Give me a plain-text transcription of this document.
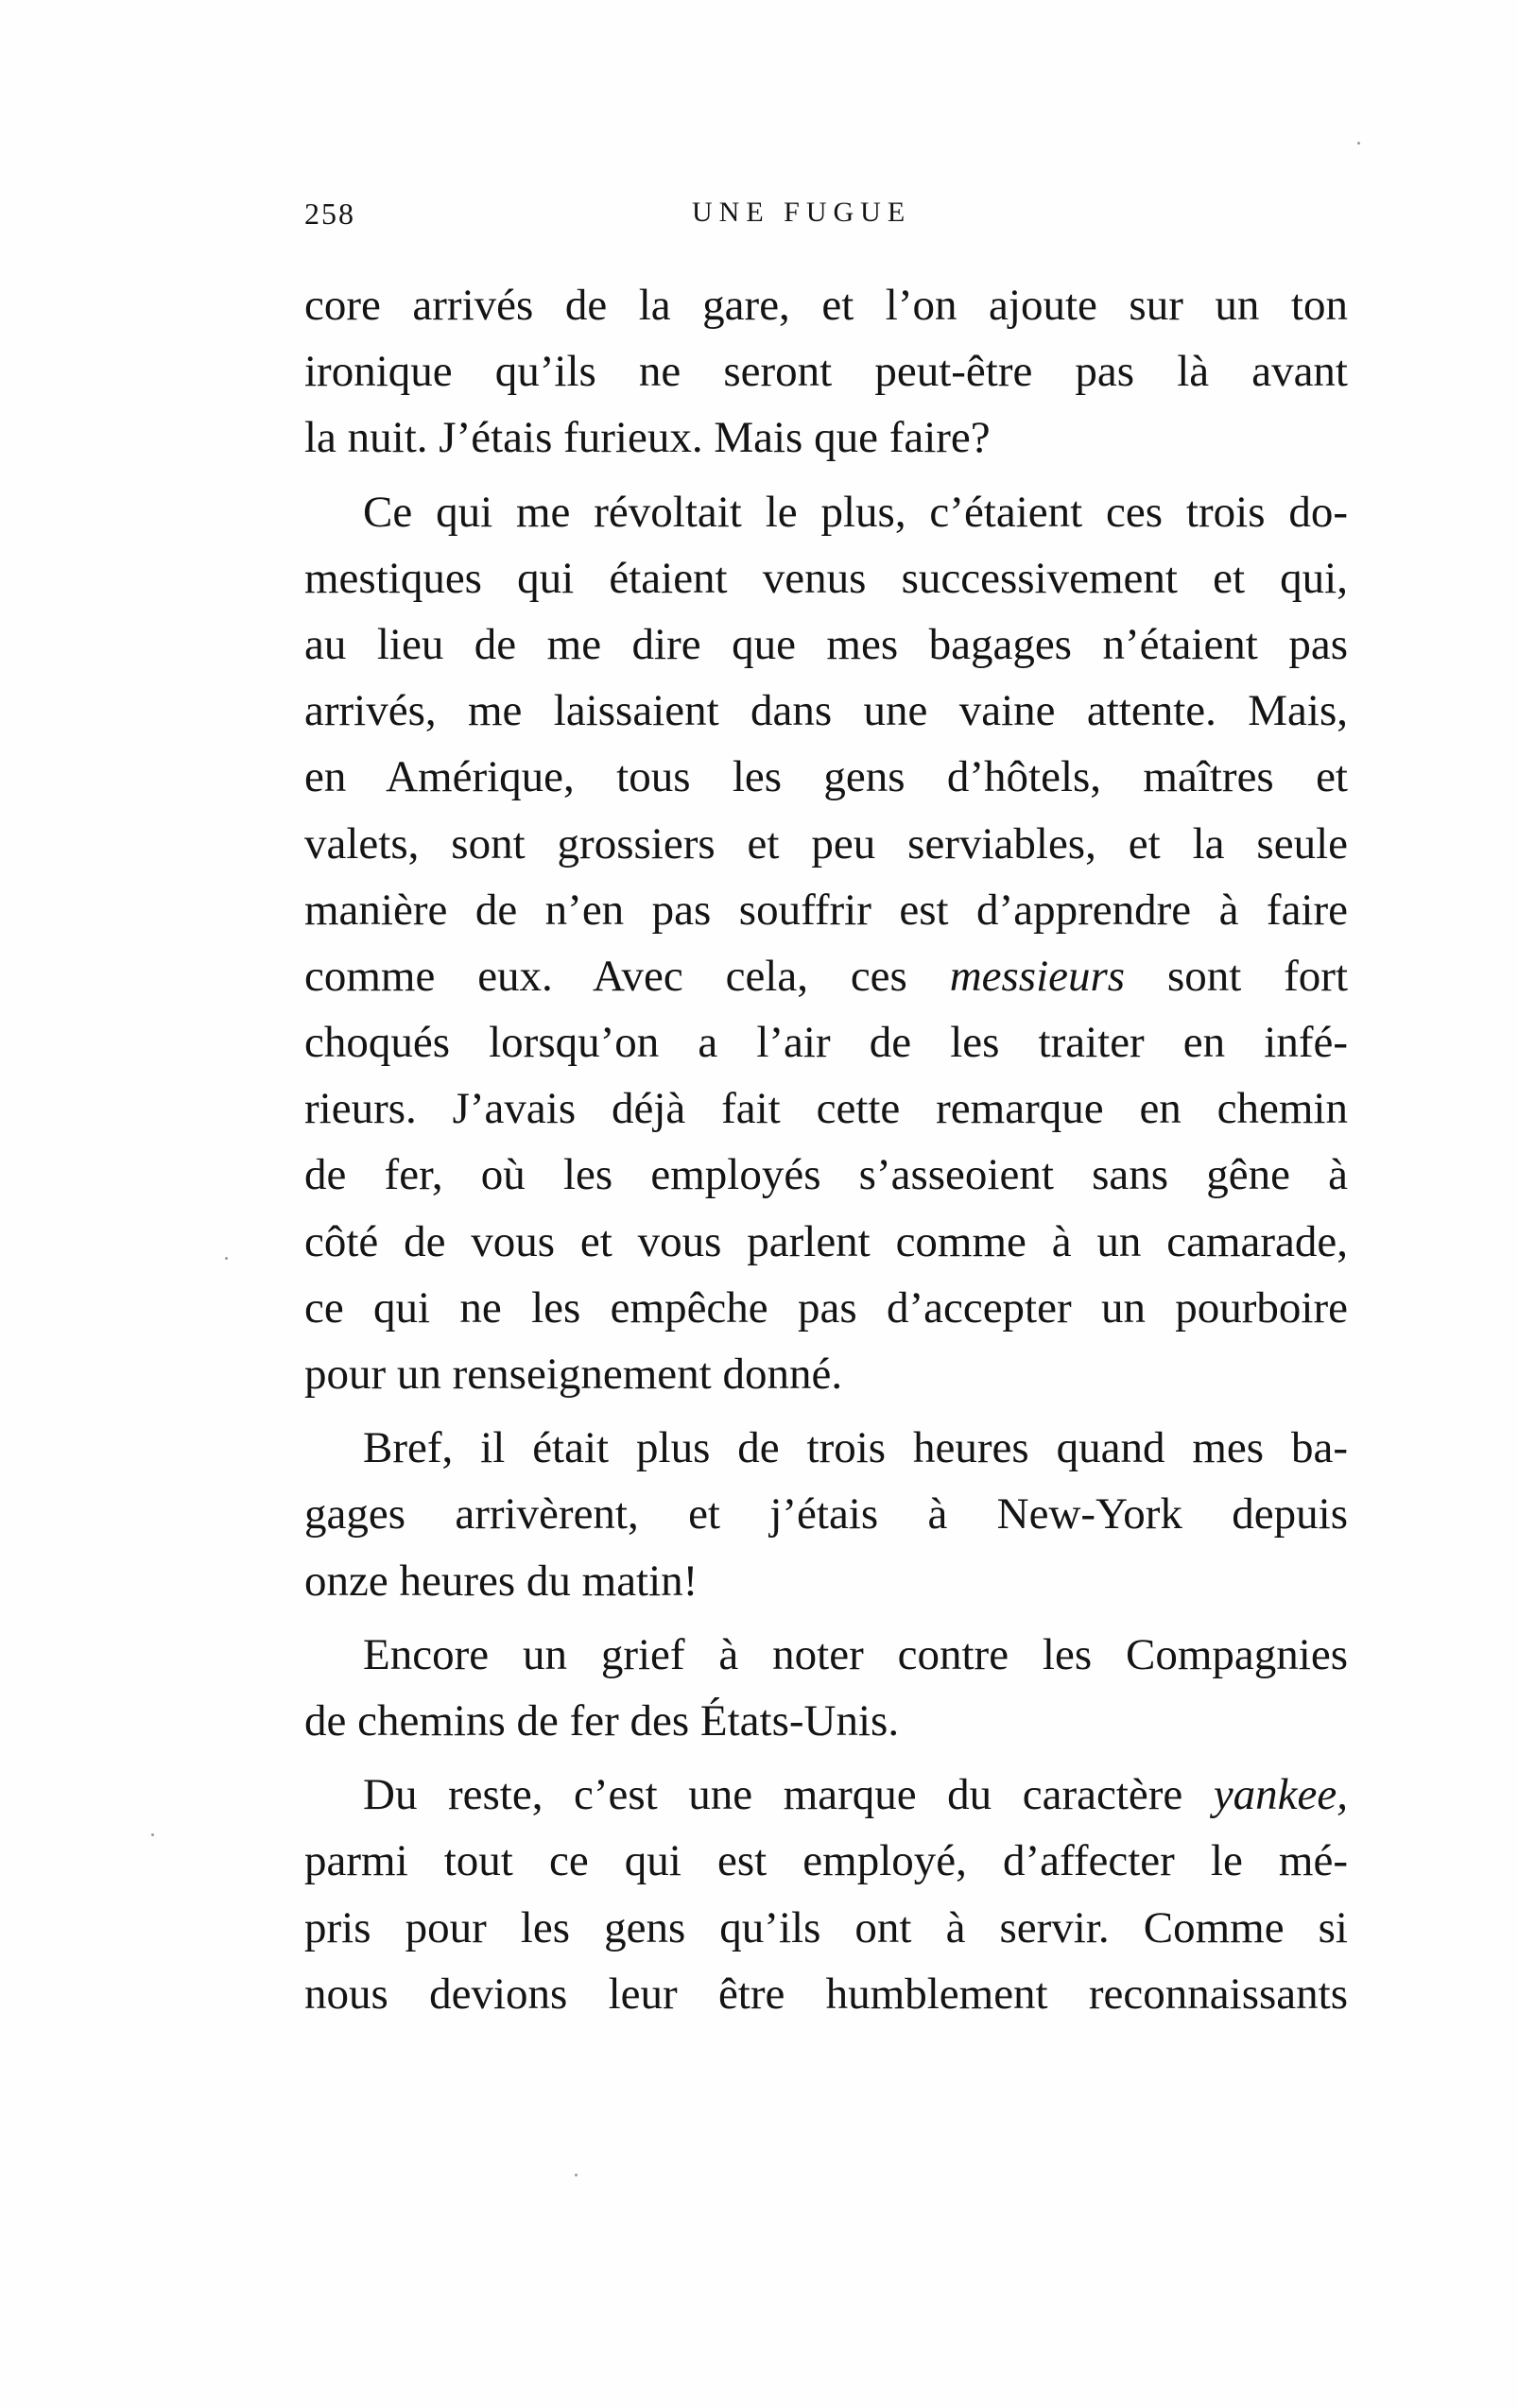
258	UNE FUGUE
core arrivés de la gare, et l’on ajoute sur un ton
ironique qu’ils ne seront peut-être pas là avant
la nuit. J’étais furieux. Mais que faire?
Ce qui me révoltait le plus, c’étaient ces trois do-
mestiques qui étaient venus successivement et qui,
au lieu de me dire que mes bagages n’étaient pas
arrivés, me laissaient dans une vaine attente. Mais,
en Amérique, tous les gens d’hôtels, maîtres et
valets, sont grossiers et peu serviables, et la seule
manière de n’en pas souffrir est d’apprendre à faire
comme eux. Avec cela, ces messieurs sont fort
choqués lorsqu’on a l’air de les traiter en infé-
rieurs. J’avais déjà fait cette remarque en chemin
de fer, où les employés s’asseoient sans gêne à
côté de vous et vous parlent comme à un camarade,
ce qui ne les empêche pas d’accepter un pourboire
pour un renseignement donné.
Bref, il était plus de trois heures quand mes ba-
gages arrivèrent, et j’étais à New-York depuis
onze heures du matin!
Encore un grief à noter contre les Compagnies
de chemins de fer des États-Unis.
Du reste, c’est une marque du caractère yankee,
parmi tout ce qui est employé, d’affecter le mé-
pris pour les gens qu’ils ont à servir. Comme si
nous devions leur être humblement reconnaissants
